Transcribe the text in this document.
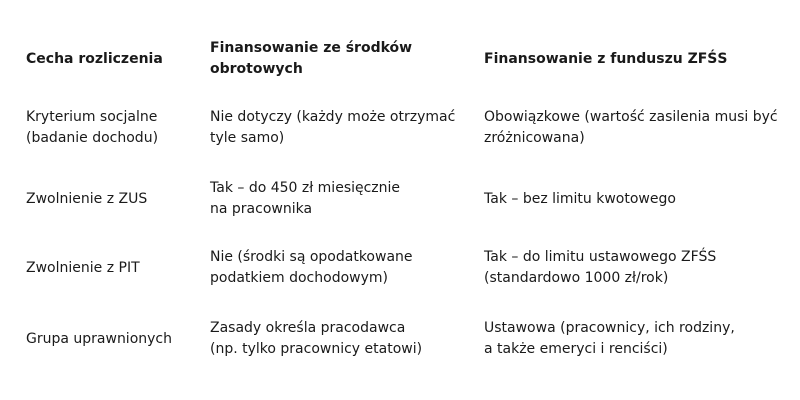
Cecha rozliczenia
Finansowanie ze środków
obrotowych
Finansowanie z funduszu ZFŚS
Kryterium socjalne
(badanie dochodu)
Nie dotyczy (każdy może otrzymać
tyle samo)
Obowiązkowe (wartość zasilenia musi być
zróżnicowana)
Zwolnienie z ZUS
Tak – do 450 zł miesięcznie
na pracownika
Tak – bez limitu kwotowego
Zwolnienie z PIT
Nie (środki są opodatkowane
podatkiem dochodowym)
Tak – do limitu ustawowego ZFŚS
(standardowo 1000 zł/rok)
Grupa uprawnionych
Zasady określa pracodawca
(np. tylko pracownicy etatowi)
Ustawowa (pracownicy, ich rodziny,
a także emeryci i renciści)
